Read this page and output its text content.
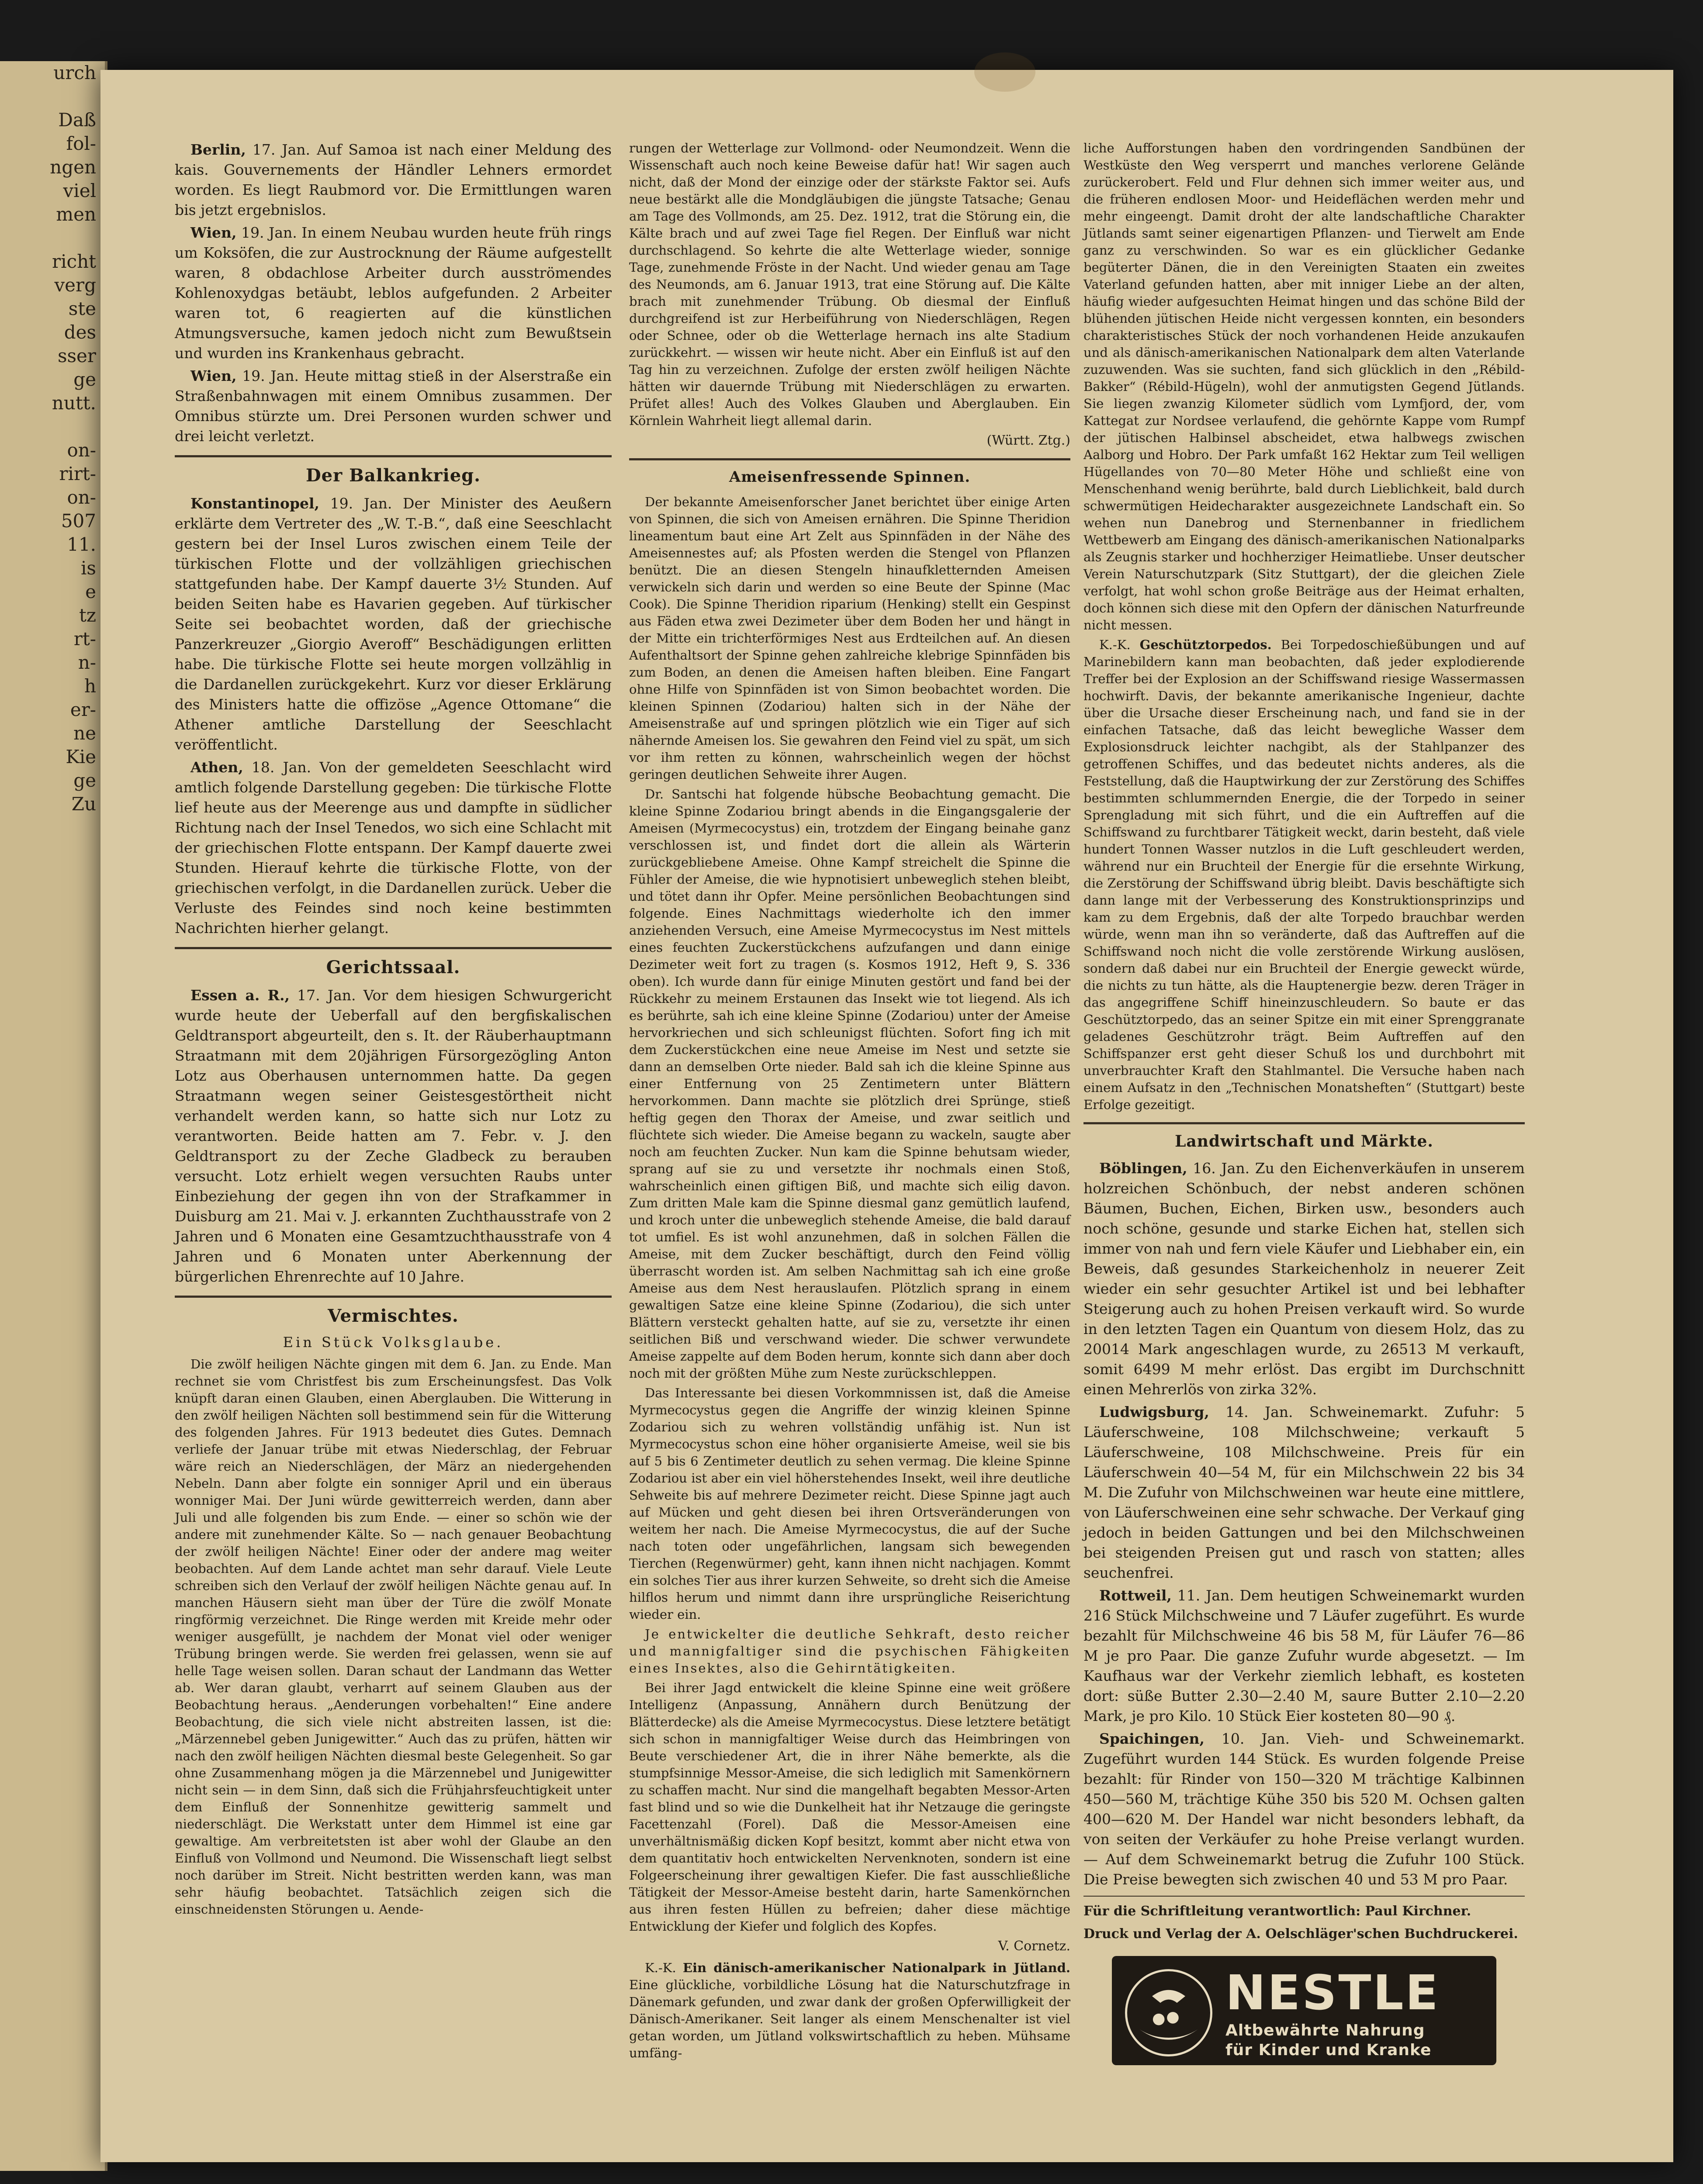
urch

Daß
fol-
ngen
viel
men

richt
verg
ste
des
sser
ge
nutt.

on-
rirt-
on-
507
11.
is
e
tz
rt-
n-
h
er-
ne
Kie
ge
Zu

Berlin, 17. Jan. Auf Samoa ist nach einer Meldung des kais. Gouvernements der Händler Lehners ermordet worden. Es liegt Raubmord vor. Die Ermittlungen waren bis jetzt ergebnislos.

Wien, 19. Jan. In einem Neubau wurden heute früh rings um Koksöfen, die zur Austrocknung der Räume aufgestellt waren, 8 obdachlose Arbeiter durch ausströmendes Kohlenoxydgas betäubt, leblos aufgefunden. 2 Arbeiter waren tot, 6 reagierten auf die künstlichen Atmungsversuche, kamen jedoch nicht zum Bewußtsein und wurden ins Krankenhaus gebracht.

Wien, 19. Jan. Heute mittag stieß in der Alserstraße ein Straßenbahnwagen mit einem Omnibus zusammen. Der Omnibus stürzte um. Drei Personen wurden schwer und drei leicht verletzt.

Der Balkankrieg.

Konstantinopel, 19. Jan. Der Minister des Aeußern erklärte dem Vertreter des „W. T.-B.“, daß eine Seeschlacht gestern bei der Insel Luros zwischen einem Teile der türkischen Flotte und der vollzähligen griechischen stattgefunden habe. Der Kampf dauerte 3½ Stunden. Auf beiden Seiten habe es Havarien gegeben. Auf türkischer Seite sei beobachtet worden, daß der griechische Panzerkreuzer „Giorgio Averoff“ Beschädigungen erlitten habe. Die türkische Flotte sei heute morgen vollzählig in die Dardanellen zurückgekehrt. Kurz vor dieser Erklärung des Ministers hatte die offizöse „Agence Ottomane“ die Athener amtliche Darstellung der Seeschlacht veröffentlicht.

Athen, 18. Jan. Von der gemeldeten Seeschlacht wird amtlich folgende Darstellung gegeben: Die türkische Flotte lief heute aus der Meerenge aus und dampfte in südlicher Richtung nach der Insel Tenedos, wo sich eine Schlacht mit der griechischen Flotte entspann. Der Kampf dauerte zwei Stunden. Hierauf kehrte die türkische Flotte, von der griechischen verfolgt, in die Dardanellen zurück. Ueber die Verluste des Feindes sind noch keine bestimmten Nachrichten hierher gelangt.

Gerichtssaal.

Essen a. R., 17. Jan. Vor dem hiesigen Schwurgericht wurde heute der Ueberfall auf den bergfiskalischen Geldtransport abgeurteilt, den s. It. der Räuberhauptmann Straatmann mit dem 20jährigen Fürsorgezögling Anton Lotz aus Oberhausen unternommen hatte. Da gegen Straatmann wegen seiner Geistesgestörtheit nicht verhandelt werden kann, so hatte sich nur Lotz zu verantworten. Beide hatten am 7. Febr. v. J. den Geldtransport zu der Zeche Gladbeck zu berauben versucht. Lotz erhielt wegen versuchten Raubs unter Einbeziehung der gegen ihn von der Strafkammer in Duisburg am 21. Mai v. J. erkannten Zuchthausstrafe von 2 Jahren und 6 Monaten eine Gesamtzuchthausstrafe von 4 Jahren und 6 Monaten unter Aberkennung der bürgerlichen Ehrenrechte auf 10 Jahre.

Vermischtes.
Ein Stück Volksglaube.

Die zwölf heiligen Nächte gingen mit dem 6. Jan. zu Ende. Man rechnet sie vom Christfest bis zum Erscheinungsfest. Das Volk knüpft daran einen Glauben, einen Aberglauben. Die Witterung in den zwölf heiligen Nächten soll bestimmend sein für die Witterung des folgenden Jahres. Für 1913 bedeutet dies Gutes. Demnach verliefe der Januar trübe mit etwas Niederschlag, der Februar wäre reich an Niederschlägen, der März an niedergehenden Nebeln. Dann aber folgte ein sonniger April und ein überaus wonniger Mai. Der Juni würde gewitterreich werden, dann aber Juli und alle folgenden bis zum Ende. — einer so schön wie der andere mit zunehmender Kälte. So — nach genauer Beobachtung der zwölf heiligen Nächte! Einer oder der andere mag weiter beobachten. Auf dem Lande achtet man sehr darauf. Viele Leute schreiben sich den Verlauf der zwölf heiligen Nächte genau auf. In manchen Häusern sieht man über der Türe die zwölf Monate ringförmig verzeichnet. Die Ringe werden mit Kreide mehr oder weniger ausgefüllt, je nachdem der Monat viel oder weniger Trübung bringen werde. Sie werden frei gelassen, wenn sie auf helle Tage weisen sollen. Daran schaut der Landmann das Wetter ab. Wer daran glaubt, verharrt auf seinem Glauben aus der Beobachtung heraus. „Aenderungen vorbehalten!“ Eine andere Beobachtung, die sich viele nicht abstreiten lassen, ist die: „Märzennebel geben Junigewitter.“ Auch das zu prüfen, hätten wir nach den zwölf heiligen Nächten diesmal beste Gelegenheit. So gar ohne Zusammenhang mögen ja die Märzennebel und Junigewitter nicht sein — in dem Sinn, daß sich die Frühjahrsfeuchtigkeit unter dem Einfluß der Sonnenhitze gewitterig sammelt und niederschlägt. Die Werkstatt unter dem Himmel ist eine gar gewaltige. Am verbreitetsten ist aber wohl der Glaube an den Einfluß von Vollmond und Neumond. Die Wissenschaft liegt selbst noch darüber im Streit. Nicht bestritten werden kann, was man sehr häufig beobachtet. Tatsächlich zeigen sich die einschneidensten Störungen u. Aende-

rungen der Wetterlage zur Vollmond- oder Neumondzeit. Wenn die Wissenschaft auch noch keine Beweise dafür hat! Wir sagen auch nicht, daß der Mond der einzige oder der stärkste Faktor sei. Aufs neue bestärkt alle die Mondgläubigen die jüngste Tatsache; Genau am Tage des Vollmonds, am 25. Dez. 1912, trat die Störung ein, die Kälte brach und auf zwei Tage fiel Regen. Der Einfluß war nicht durchschlagend. So kehrte die alte Wetterlage wieder, sonnige Tage, zunehmende Fröste in der Nacht. Und wieder genau am Tage des Neumonds, am 6. Januar 1913, trat eine Störung auf. Die Kälte brach mit zunehmender Trübung. Ob diesmal der Einfluß durchgreifend ist zur Herbeiführung von Niederschlägen, Regen oder Schnee, oder ob die Wetterlage hernach ins alte Stadium zurückkehrt. — wissen wir heute nicht. Aber ein Einfluß ist auf den Tag hin zu verzeichnen. Zufolge der ersten zwölf heiligen Nächte hätten wir dauernde Trübung mit Niederschlägen zu erwarten. Prüfet alles! Auch des Volkes Glauben und Aberglauben. Ein Körnlein Wahrheit liegt allemal darin.

(Württ. Ztg.)
Ameisenfressende Spinnen.

Der bekannte Ameisenforscher Janet berichtet über einige Arten von Spinnen, die sich von Ameisen ernähren. Die Spinne Theridion lineamentum baut eine Art Zelt aus Spinnfäden in der Nähe des Ameisennestes auf; als Pfosten werden die Stengel von Pflanzen benützt. Die an diesen Stengeln hinaufkletternden Ameisen verwickeln sich darin und werden so eine Beute der Spinne (Mac Cook). Die Spinne Theridion riparium (Henking) stellt ein Gespinst aus Fäden etwa zwei Dezimeter über dem Boden her und hängt in der Mitte ein trichterförmiges Nest aus Erdteilchen auf. An diesen Aufenthaltsort der Spinne gehen zahlreiche klebrige Spinnfäden bis zum Boden, an denen die Ameisen haften bleiben. Eine Fangart ohne Hilfe von Spinnfäden ist von Simon beobachtet worden. Die kleinen Spinnen (Zodariou) halten sich in der Nähe der Ameisenstraße auf und springen plötzlich wie ein Tiger auf sich nähernde Ameisen los. Sie gewahren den Feind viel zu spät, um sich vor ihm retten zu können, wahrscheinlich wegen der höchst geringen deutlichen Sehweite ihrer Augen.

Dr. Santschi hat folgende hübsche Beobachtung gemacht. Die kleine Spinne Zodariou bringt abends in die Eingangsgalerie der Ameisen (Myrmecocystus) ein, trotzdem der Eingang beinahe ganz verschlossen ist, und findet dort die allein als Wärterin zurückgebliebene Ameise. Ohne Kampf streichelt die Spinne die Fühler der Ameise, die wie hypnotisiert unbeweglich stehen bleibt, und tötet dann ihr Opfer. Meine persönlichen Beobachtungen sind folgende. Eines Nachmittags wiederholte ich den immer anziehenden Versuch, eine Ameise Myrmecocystus im Nest mittels eines feuchten Zuckerstückchens aufzufangen und dann einige Dezimeter weit fort zu tragen (s. Kosmos 1912, Heft 9, S. 336 oben). Ich wurde dann für einige Minuten gestört und fand bei der Rückkehr zu meinem Erstaunen das Insekt wie tot liegend. Als ich es berührte, sah ich eine kleine Spinne (Zodariou) unter der Ameise hervorkriechen und sich schleunigst flüchten. Sofort fing ich mit dem Zuckerstückchen eine neue Ameise im Nest und setzte sie dann an demselben Orte nieder. Bald sah ich die kleine Spinne aus einer Entfernung von 25 Zentimetern unter Blättern hervorkommen. Dann machte sie plötzlich drei Sprünge, stieß heftig gegen den Thorax der Ameise, und zwar seitlich und flüchtete sich wieder. Die Ameise begann zu wackeln, saugte aber noch am feuchten Zucker. Nun kam die Spinne behutsam wieder, sprang auf sie zu und versetzte ihr nochmals einen Stoß, wahrscheinlich einen giftigen Biß, und machte sich eilig davon. Zum dritten Male kam die Spinne diesmal ganz gemütlich laufend, und kroch unter die unbeweglich stehende Ameise, die bald darauf tot umfiel. Es ist wohl anzunehmen, daß in solchen Fällen die Ameise, mit dem Zucker beschäftigt, durch den Feind völlig überrascht worden ist. Am selben Nachmittag sah ich eine große Ameise aus dem Nest herauslaufen. Plötzlich sprang in einem gewaltigen Satze eine kleine Spinne (Zodariou), die sich unter Blättern versteckt gehalten hatte, auf sie zu, versetzte ihr einen seitlichen Biß und verschwand wieder. Die schwer verwundete Ameise zappelte auf dem Boden herum, konnte sich dann aber doch noch mit der größten Mühe zum Neste zurückschleppen.

Das Interessante bei diesen Vorkommnissen ist, daß die Ameise Myrmecocystus gegen die Angriffe der winzig kleinen Spinne Zodariou sich zu wehren vollständig unfähig ist. Nun ist Myrmecocystus schon eine höher organisierte Ameise, weil sie bis auf 5 bis 6 Zentimeter deutlich zu sehen vermag. Die kleine Spinne Zodariou ist aber ein viel höherstehendes Insekt, weil ihre deutliche Sehweite bis auf mehrere Dezimeter reicht. Diese Spinne jagt auch auf Mücken und geht diesen bei ihren Ortsveränderungen von weitem her nach. Die Ameise Myrmecocystus, die auf der Suche nach toten oder ungefährlichen, langsam sich bewegenden Tierchen (Regenwürmer) geht, kann ihnen nicht nachjagen. Kommt ein solches Tier aus ihrer kurzen Sehweite, so dreht sich die Ameise hilflos herum und nimmt dann ihre ursprüngliche Reiserichtung wieder ein.

Je entwickelter die deutliche Sehkraft, desto reicher und mannigfaltiger sind die psychischen Fähigkeiten eines Insektes, also die Gehirntätigkeiten.

Bei ihrer Jagd entwickelt die kleine Spinne eine weit größere Intelligenz (Anpassung, Annähern durch Benützung der Blätterdecke) als die Ameise Myrmecocystus. Diese letztere betätigt sich schon in mannigfaltiger Weise durch das Heimbringen von Beute verschiedener Art, die in ihrer Nähe bemerkte, als die stumpfsinnige Messor-Ameise, die sich lediglich mit Samenkörnern zu schaffen macht. Nur sind die mangelhaft begabten Messor-Arten fast blind und so wie die Dunkelheit hat ihr Netzauge die geringste Facettenzahl (Forel). Daß die Messor-Ameisen eine unverhältnismäßig dicken Kopf besitzt, kommt aber nicht etwa von dem quantitativ hoch entwickelten Nervenknoten, sondern ist eine Folgeerscheinung ihrer gewaltigen Kiefer. Die fast ausschließliche Tätigkeit der Messor-Ameise besteht darin, harte Samenkörnchen aus ihren festen Hüllen zu befreien; daher diese mächtige Entwicklung der Kiefer und folglich des Kopfes.

V. Cornetz.

K.-K. Ein dänisch-amerikanischer Nationalpark in Jütland. Eine glückliche, vorbildliche Lösung hat die Naturschutzfrage in Dänemark gefunden, und zwar dank der großen Opferwilligkeit der Dänisch-Amerikaner. Seit langer als einem Menschenalter ist viel getan worden, um Jütland volkswirtschaftlich zu heben. Mühsame umfäng-

liche Aufforstungen haben den vordringenden Sandbünen der Westküste den Weg versperrt und manches verlorene Gelände zurückerobert. Feld und Flur dehnen sich immer weiter aus, und die früheren endlosen Moor- und Heideflächen werden mehr und mehr eingeengt. Damit droht der alte landschaftliche Charakter Jütlands samt seiner eigenartigen Pflanzen- und Tierwelt am Ende ganz zu verschwinden. So war es ein glücklicher Gedanke begüterter Dänen, die in den Vereinigten Staaten ein zweites Vaterland gefunden hatten, aber mit inniger Liebe an der alten, häufig wieder aufgesuchten Heimat hingen und das schöne Bild der blühenden jütischen Heide nicht vergessen konnten, ein besonders charakteristisches Stück der noch vorhandenen Heide anzukaufen und als dänisch-amerikanischen Nationalpark dem alten Vaterlande zuzuwenden. Was sie suchten, fand sich glücklich in den „Rébild-Bakker“ (Rébild-Hügeln), wohl der anmutigsten Gegend Jütlands. Sie liegen zwanzig Kilometer südlich vom Lymfjord, der, vom Kattegat zur Nordsee verlaufend, die gehörnte Kappe vom Rumpf der jütischen Halbinsel abscheidet, etwa halbwegs zwischen Aalborg und Hobro. Der Park umfaßt 162 Hektar zum Teil welligen Hügellandes von 70—80 Meter Höhe und schließt eine von Menschenhand wenig berührte, bald durch Lieblichkeit, bald durch schwermütigen Heidecharakter ausgezeichnete Landschaft ein. So wehen nun Danebrog und Sternenbanner in friedlichem Wettbewerb am Eingang des dänisch-amerikanischen Nationalparks als Zeugnis starker und hochherziger Heimatliebe. Unser deutscher Verein Naturschutzpark (Sitz Stuttgart), der die gleichen Ziele verfolgt, hat wohl schon große Beiträge aus der Heimat erhalten, doch können sich diese mit den Opfern der dänischen Naturfreunde nicht messen.

K.-K. Geschütztorpedos. Bei Torpedoschießübungen und auf Marinebildern kann man beobachten, daß jeder explodierende Treffer bei der Explosion an der Schiffswand riesige Wassermassen hochwirft. Davis, der bekannte amerikanische Ingenieur, dachte über die Ursache dieser Erscheinung nach, und fand sie in der einfachen Tatsache, daß das leicht bewegliche Wasser dem Explosionsdruck leichter nachgibt, als der Stahlpanzer des getroffenen Schiffes, und das bedeutet nichts anderes, als die Feststellung, daß die Hauptwirkung der zur Zerstörung des Schiffes bestimmten schlummernden Energie, die der Torpedo in seiner Sprengladung mit sich führt, und die ein Auftreffen auf die Schiffswand zu furchtbarer Tätigkeit weckt, darin besteht, daß viele hundert Tonnen Wasser nutzlos in die Luft geschleudert werden, während nur ein Bruchteil der Energie für die ersehnte Wirkung, die Zerstörung der Schiffswand übrig bleibt. Davis beschäftigte sich dann lange mit der Verbesserung des Konstruktionsprinzips und kam zu dem Ergebnis, daß der alte Torpedo brauchbar werden würde, wenn man ihn so veränderte, daß das Auftreffen auf die Schiffswand noch nicht die volle zerstörende Wirkung auslösen, sondern daß dabei nur ein Bruchteil der Energie geweckt würde, die nichts zu tun hätte, als die Hauptenergie bezw. deren Träger in das angegriffene Schiff hineinzuschleudern. So baute er das Geschütztorpedo, das an seiner Spitze ein mit einer Sprenggranate geladenes Geschützrohr trägt. Beim Auftreffen auf den Schiffspanzer erst geht dieser Schuß los und durchbohrt mit unverbrauchter Kraft den Stahlmantel. Die Versuche haben nach einem Aufsatz in den „Technischen Monatsheften“ (Stuttgart) beste Erfolge gezeitigt.

Landwirtschaft und Märkte.

Böblingen, 16. Jan. Zu den Eichenverkäufen in unserem holzreichen Schönbuch, der nebst anderen schönen Bäumen, Buchen, Eichen, Birken usw., besonders auch noch schöne, gesunde und starke Eichen hat, stellen sich immer von nah und fern viele Käufer und Liebhaber ein, ein Beweis, daß gesundes Starkeichenholz in neuerer Zeit wieder ein sehr gesuchter Artikel ist und bei lebhafter Steigerung auch zu hohen Preisen verkauft wird. So wurde in den letzten Tagen ein Quantum von diesem Holz, das zu 20014 Mark angeschlagen wurde, zu 26513 M verkauft, somit 6499 M mehr erlöst. Das ergibt im Durchschnitt einen Mehrerlös von zirka 32%.

Ludwigsburg, 14. Jan. Schweinemarkt. Zufuhr: 5 Läuferschweine, 108 Milchschweine; verkauft 5 Läuferschweine, 108 Milchschweine. Preis für ein Läuferschwein 40—54 M, für ein Milchschwein 22 bis 34 M. Die Zufuhr von Milchschweinen war heute eine mittlere, von Läuferschweinen eine sehr schwache. Der Verkauf ging jedoch in beiden Gattungen und bei den Milchschweinen bei steigenden Preisen gut und rasch von statten; alles seuchenfrei.

Rottweil, 11. Jan. Dem heutigen Schweinemarkt wurden 216 Stück Milchschweine und 7 Läufer zugeführt. Es wurde bezahlt für Milchschweine 46 bis 58 M, für Läufer 76—86 M je pro Paar. Die ganze Zufuhr wurde abgesetzt. — Im Kaufhaus war der Verkehr ziemlich lebhaft, es kosteten dort: süße Butter 2.30—2.40 M, saure Butter 2.10—2.20 Mark, je pro Kilo. 10 Stück Eier kosteten 80—90 ₰.

Spaichingen, 10. Jan. Vieh- und Schweinemarkt. Zugeführt wurden 144 Stück. Es wurden folgende Preise bezahlt: für Rinder von 150—320 M trächtige Kalbinnen 450—560 M, trächtige Kühe 350 bis 520 M. Ochsen galten 400—620 M. Der Handel war nicht besonders lebhaft, da von seiten der Verkäufer zu hohe Preise verlangt wurden. — Auf dem Schweinemarkt betrug die Zufuhr 100 Stück. Die Preise bewegten sich zwischen 40 und 53 M pro Paar.

Für die Schriftleitung verantwortlich: Paul Kirchner.
Druck und Verlag der A. Oelschläger'schen Buchdruckerei.
NESTLE
Altbewährte Nahrung
für Kinder und Kranke
